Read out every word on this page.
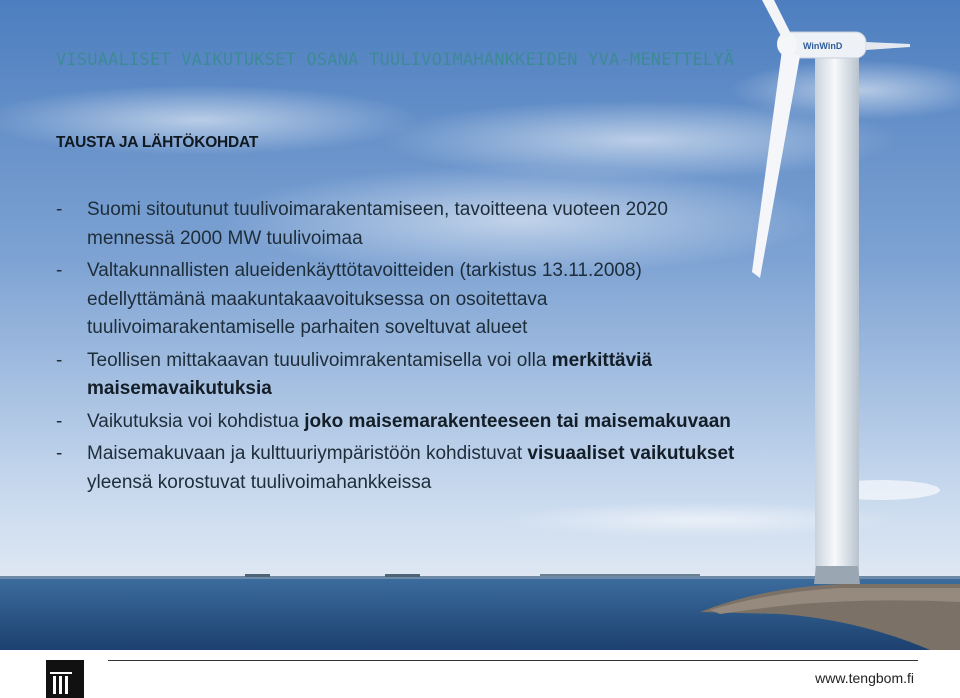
WinWinD
VISUAALISET VAIKUTUKSET OSANA TUULIVOIMAHANKKEIDEN YVA-MENETTELYÄ
TAUSTA JA LÄHTÖKOHDAT
- Suomi sitoutunut tuulivoimarakentamiseen, tavoitteena vuoteen 2020 mennessä 2000 MW tuulivoimaa
- Valtakunnallisten alueidenkäyttötavoitteiden (tarkistus 13.11.2008) edellyttämänä maakuntakaavoituksessa on osoitettava tuulivoimarakentamiselle parhaiten soveltuvat alueet
- Teollisen mittakaavan tuuulivoimrakentamisella voi olla merkittäviä maisemavaikutuksia
- Vaikutuksia voi kohdistua joko maisemarakenteeseen tai maisemakuvaan
- Maisemakuvaan ja kulttuuriympäristöön kohdistuvat visuaaliset vaikutukset yleensä korostuvat tuulivoimahankkeissa
www.tengbom.fi
